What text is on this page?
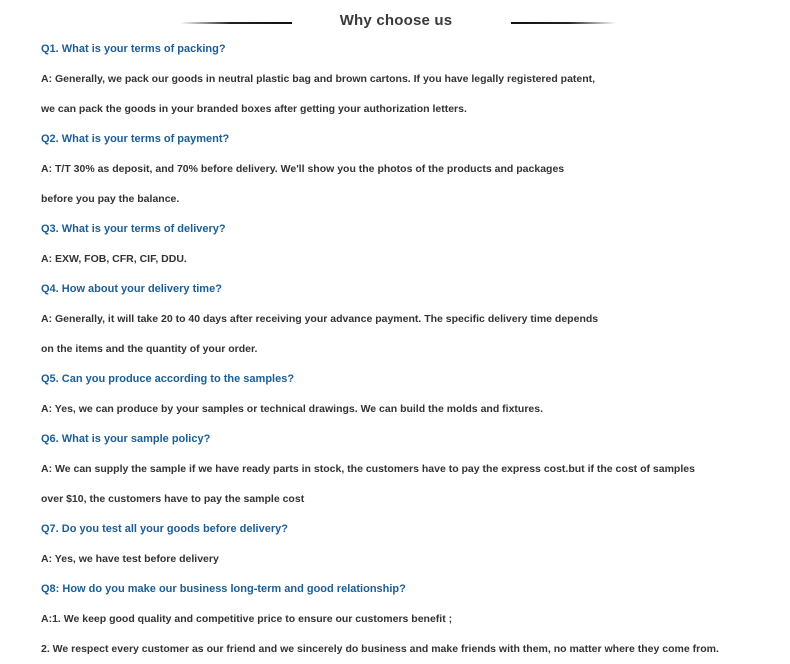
Why choose us
Q1. What is your terms of packing?
A: Generally, we pack our goods in neutral plastic bag and brown cartons. If you have legally registered patent,
we can pack the goods in your branded boxes after getting your authorization letters.
Q2. What is your terms of payment?
A: T/T 30% as deposit, and 70% before delivery. We'll show you the photos of the products and packages
before you pay the balance.
Q3. What is your terms of delivery?
A: EXW, FOB, CFR, CIF, DDU.
Q4. How about your delivery time?
A: Generally, it will take 20 to 40 days after receiving your advance payment. The specific delivery time depends
on the items and the quantity of your order.
Q5. Can you produce according to the samples?
A: Yes, we can produce by your samples or technical drawings. We can build the molds and fixtures.
Q6. What is your sample policy?
A: We can supply the sample if we have ready parts in stock, the customers have to pay the express cost.but if the cost of samples
over $10, the customers have to pay the sample cost
Q7. Do you test all your goods before delivery?
A: Yes, we have test before delivery
Q8: How do you make our business long-term and good relationship?
A:1. We keep good quality and competitive price to ensure our customers benefit ;
2. We respect every customer as our friend and we sincerely do business and make friends with them, no matter where they come from.
